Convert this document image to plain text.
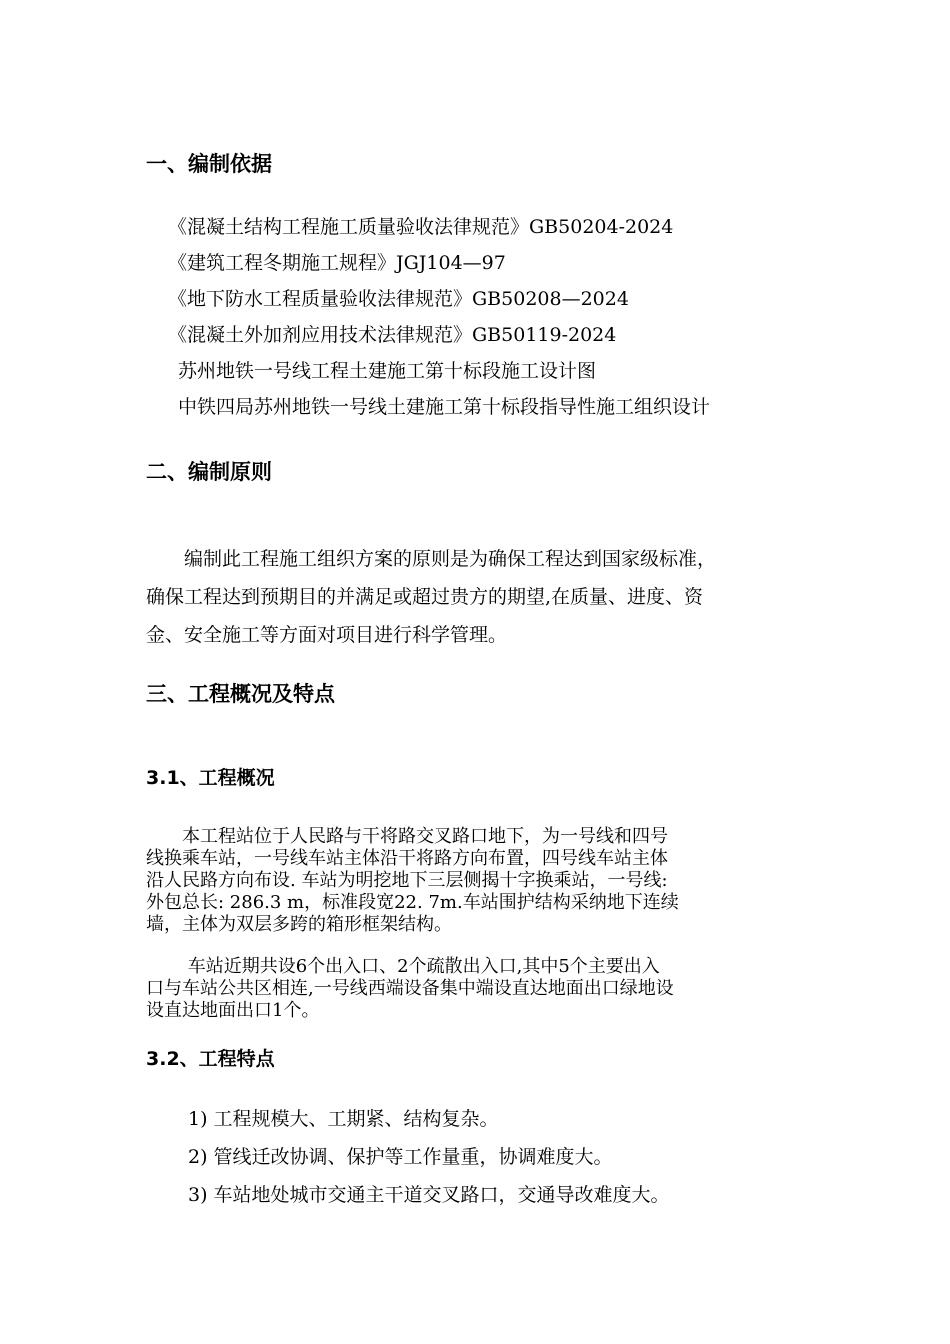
一、编制依据
《混凝土结构工程施工质量验收法律规范》GB50204-2024
《建筑工程冬期施工规程》JGJ104—97
《地下防水工程质量验收法律规范》GB50208—2024
《混凝土外加剂应用技术法律规范》GB50119-2024
苏州地铁一号线工程土建施工第十标段施工设计图
中铁四局苏州地铁一号线土建施工第十标段指导性施工组织设计
二、编制原则
　　编制此工程施工组织方案的原则是为确保工程达到国家级标准，
确保工程达到预期目的并满足或超过贵方的期望,在质量、进度、资
金、安全施工等方面对项目进行科学管理。
三、工程概况及特点
3.1、工程概况
　　本工程站位于人民路与干将路交叉路口地下，为一号线和四号
线换乘车站，一号线车站主体沿干将路方向布置，四号线车站主体
沿人民路方向布设. 车站为明挖地下三层侧揭十字换乘站，一号线:
外包总长: 286.3 m，标准段宽22. 7m.车站围护结构采纳地下连续
墙，主体为双层多跨的箱形框架结构。
　　 车站近期共设6个出入口、2个疏散出入口,其中5个主要出入
口与车站公共区相连,一号线西端设备集中端设直达地面出口绿地设
设直达地面出口1个。
3.2、工程特点
1) 工程规模大、工期紧、结构复杂。
2) 管线迁改协调、保护等工作量重，协调难度大。
3) 车站地处城市交通主干道交叉路口，交通导改难度大。
